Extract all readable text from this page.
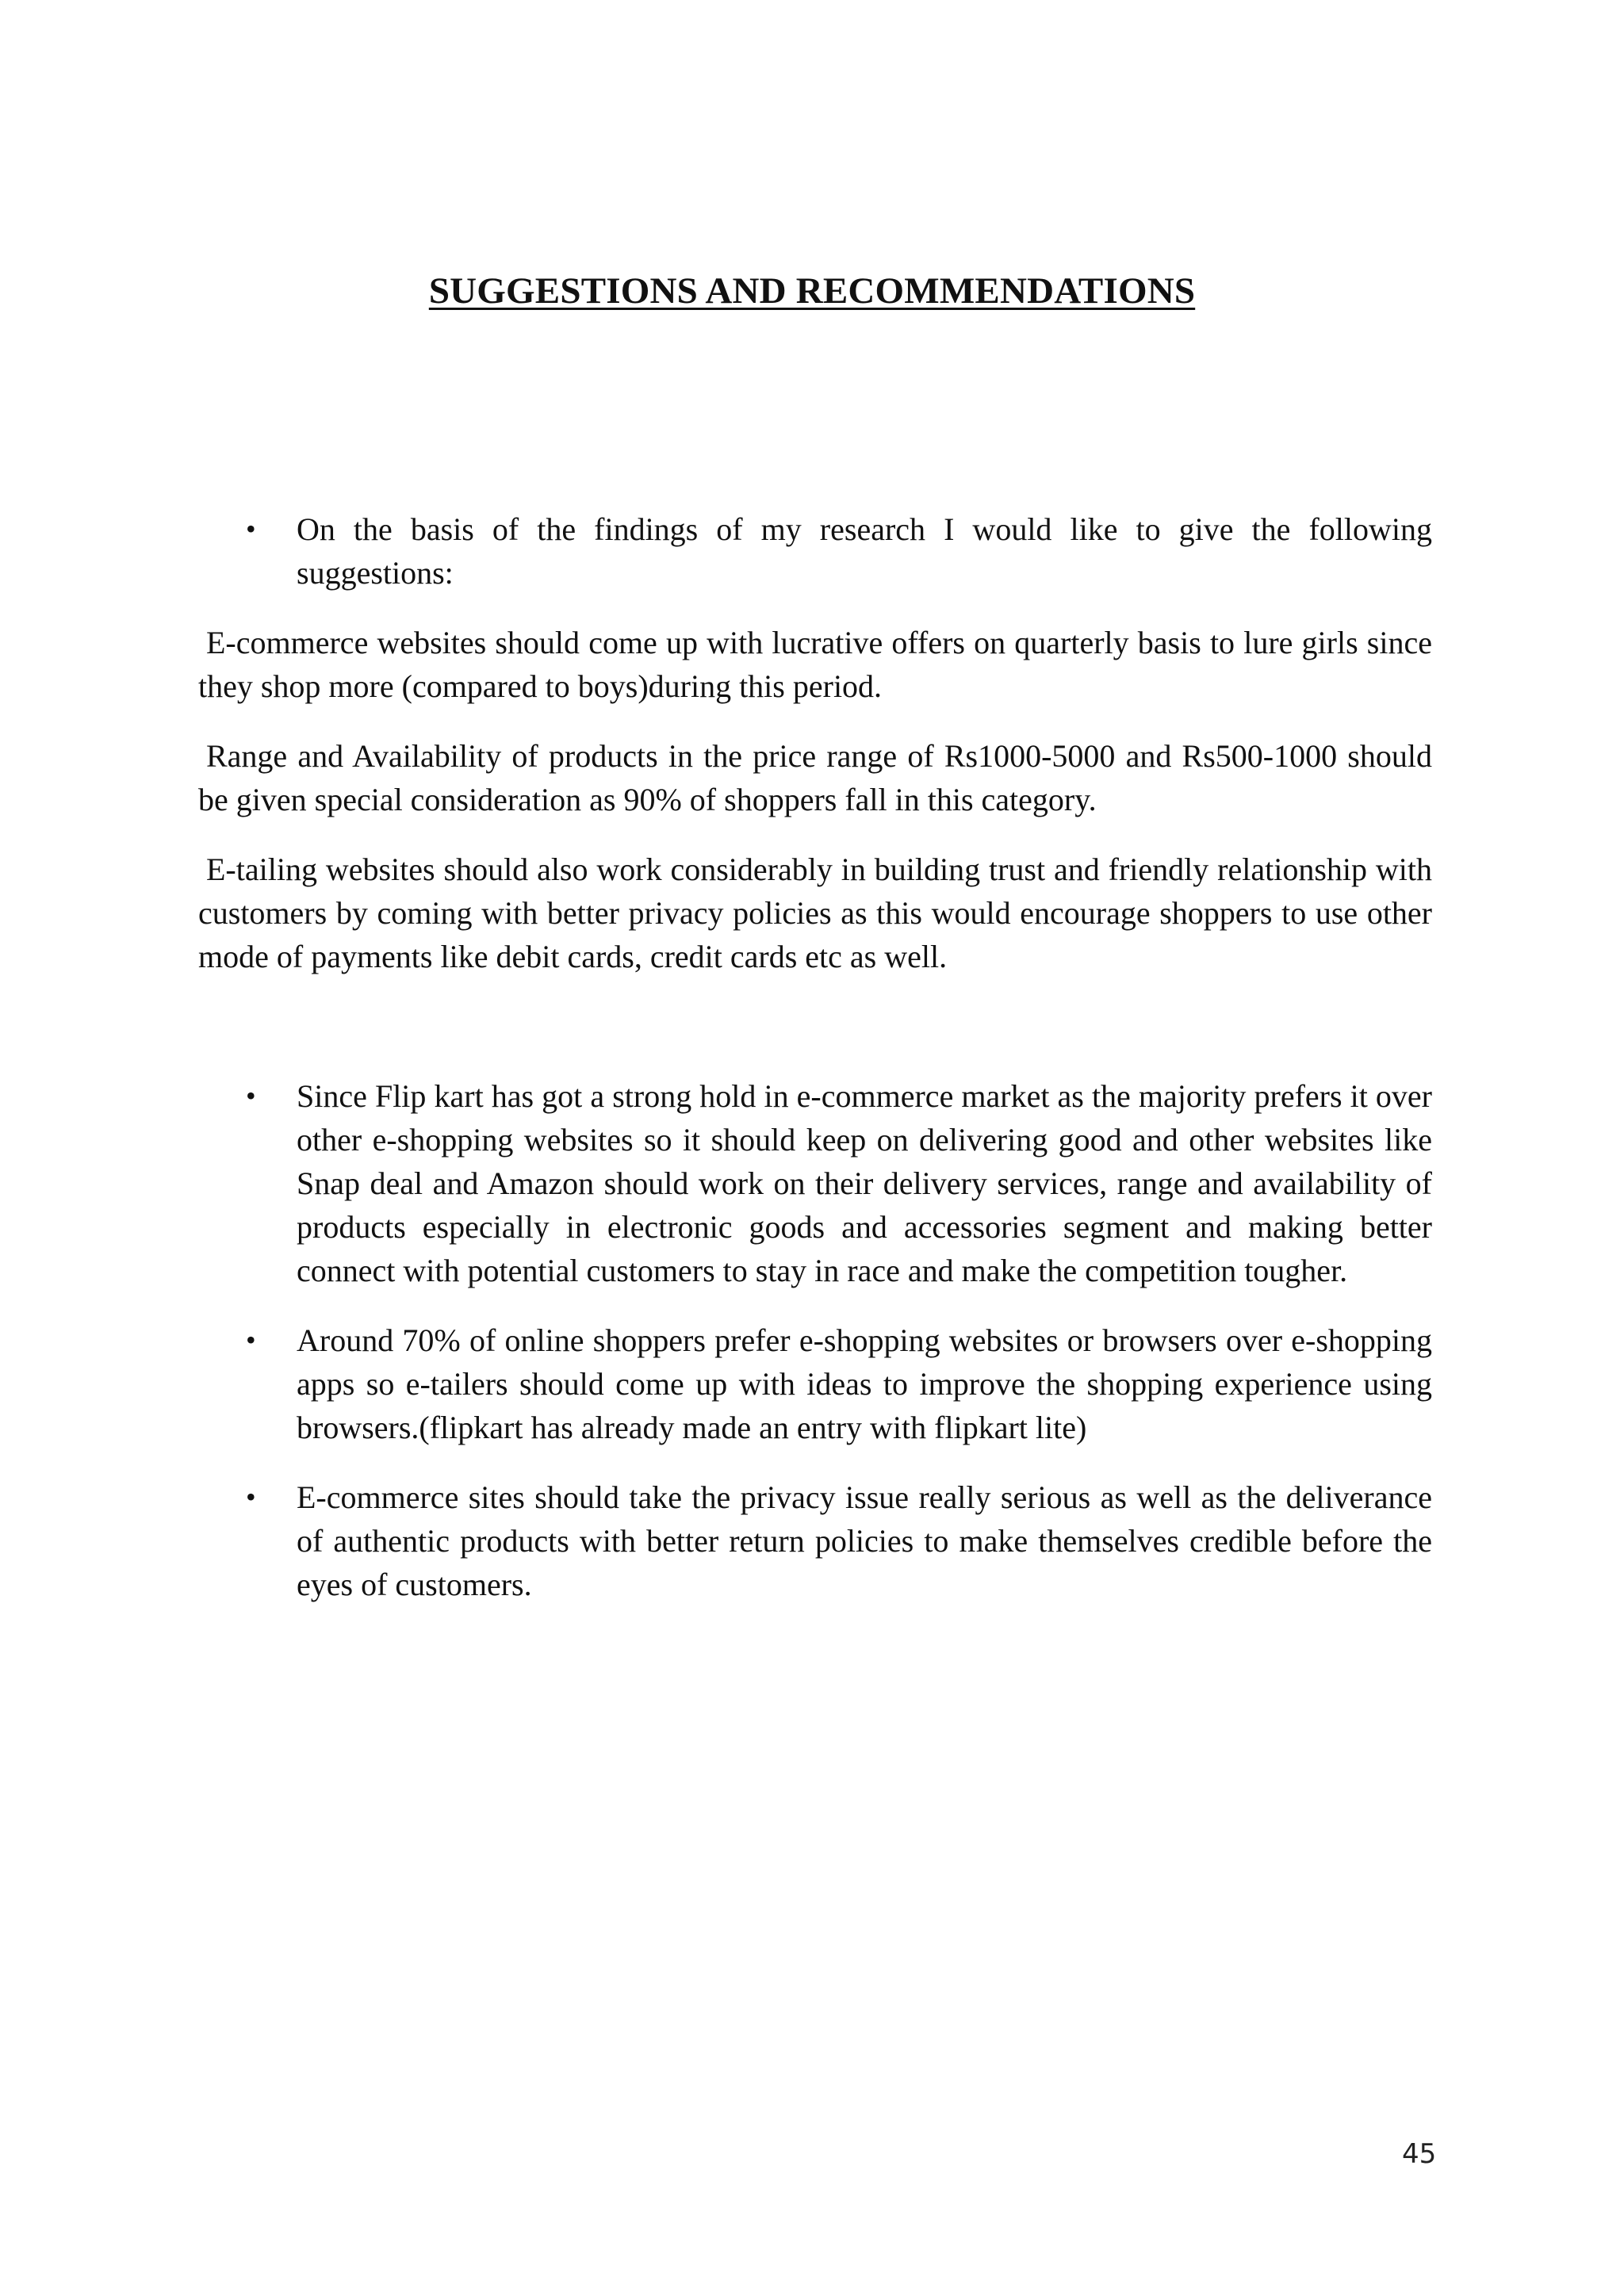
SUGGESTIONS AND RECOMMENDATIONS
• On the basis of the findings of my research I would like to give the following suggestions:

E-commerce websites should come up with lucrative offers on quarterly basis to lure girls since they shop more (compared to boys)during this period.

Range and Availability of products in the price range of Rs1000-5000 and Rs500-1000 should be given special consideration as 90% of shoppers fall in this category.

E-tailing websites should also work considerably in building trust and friendly relationship with customers by coming with better privacy policies as this would encourage shoppers to use other mode of payments like debit cards, credit cards etc as well.

• Since Flip kart has got a strong hold in e-commerce market as the majority prefers it over other e-shopping websites so it should keep on delivering good and other websites like Snap deal and Amazon should work on their delivery services, range and availability of products especially in electronic goods and accessories segment and making better connect with potential customers to stay in race and make the competition tougher.
• Around 70% of online shoppers prefer e-shopping websites or browsers over e-shopping apps so e-tailers should come up with ideas to improve the shopping experience using browsers.(flipkart has already made an entry with flipkart lite)
• E-commerce sites should take the privacy issue really serious as well as the deliverance of authentic products with better return policies to make themselves credible before the eyes of customers.
45
